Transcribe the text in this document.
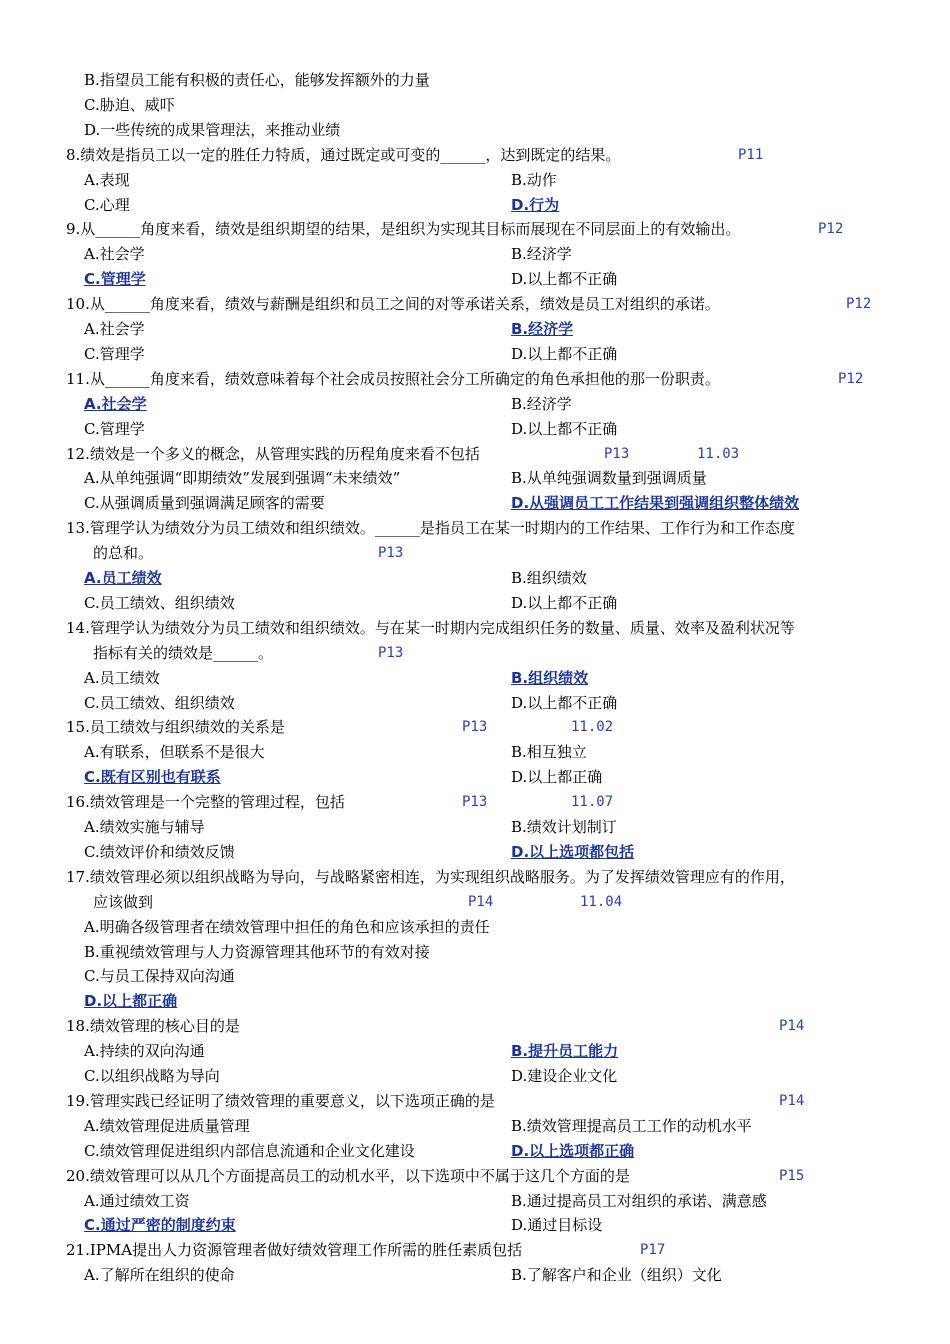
B.指望员工能有积极的责任心，能够发挥额外的力量
C.胁迫、威吓
D.一些传统的成果管理法，来推动业绩
8.绩效是指员工以一定的胜任力特质，通过既定或可变的______，达到既定的结果。	P11
A.表现	B.动作
C.心理	D.行为
9.从______角度来看，绩效是组织期望的结果，是组织为实现其目标而展现在不同层面上的有效输出。	P12
A.社会学	B.经济学
C.管理学	D.以上都不正确
10.从______角度来看，绩效与薪酬是组织和员工之间的对等承诺关系，绩效是员工对组织的承诺。	P12
A.社会学	B.经济学
C.管理学	D.以上都不正确
11.从______角度来看，绩效意味着每个社会成员按照社会分工所确定的角色承担他的那一份职责。	P12
A.社会学	B.经济学
C.管理学	D.以上都不正确
12.绩效是一个多义的概念，从管理实践的历程角度来看不包括	P13	11.03
A.从单纯强调“即期绩效”发展到强调“未来绩效”	B.从单纯强调数量到强调质量
C.从强调质量到强调满足顾客的需要	D.从强调员工工作结果到强调组织整体绩效
13.管理学认为绩效分为员工绩效和组织绩效。______是指员工在某一时期内的工作结果、工作行为和工作态度
的总和。	P13
A.员工绩效	B.组织绩效
C.员工绩效、组织绩效	D.以上都不正确
14.管理学认为绩效分为员工绩效和组织绩效。与在某一时期内完成组织任务的数量、质量、效率及盈利状况等
指标有关的绩效是______。	P13
A.员工绩效	B.组织绩效
C.员工绩效、组织绩效	D.以上都不正确
15.员工绩效与组织绩效的关系是	P13	11.02
A.有联系，但联系不是很大	B.相互独立
C.既有区别也有联系	D.以上都正确
16.绩效管理是一个完整的管理过程，包括	P13	11.07
A.绩效实施与辅导	B.绩效计划制订
C.绩效评价和绩效反馈	D.以上选项都包括
17.绩效管理必须以组织战略为导向，与战略紧密相连，为实现组织战略服务。为了发挥绩效管理应有的作用，
应该做到	P14	11.04
A.明确各级管理者在绩效管理中担任的角色和应该承担的责任
B.重视绩效管理与人力资源管理其他环节的有效对接
C.与员工保持双向沟通
D.以上都正确
18.绩效管理的核心目的是	P14
A.持续的双向沟通	B.提升员工能力
C.以组织战略为导向	D.建设企业文化
19.管理实践已经证明了绩效管理的重要意义，以下选项正确的是	P14
A.绩效管理促进质量管理	B.绩效管理提高员工工作的动机水平
C.绩效管理促进组织内部信息流通和企业文化建设	D.以上选项都正确
20.绩效管理可以从几个方面提高员工的动机水平，以下选项中不属于这几个方面的是	P15
A.通过绩效工资	B.通过提高员工对组织的承诺、满意感
C.通过严密的制度约束	D.通过目标设
21.IPMA提出人力资源管理者做好绩效管理工作所需的胜任素质包括	P17
A.了解所在组织的使命	B.了解客户和企业（组织）文化
